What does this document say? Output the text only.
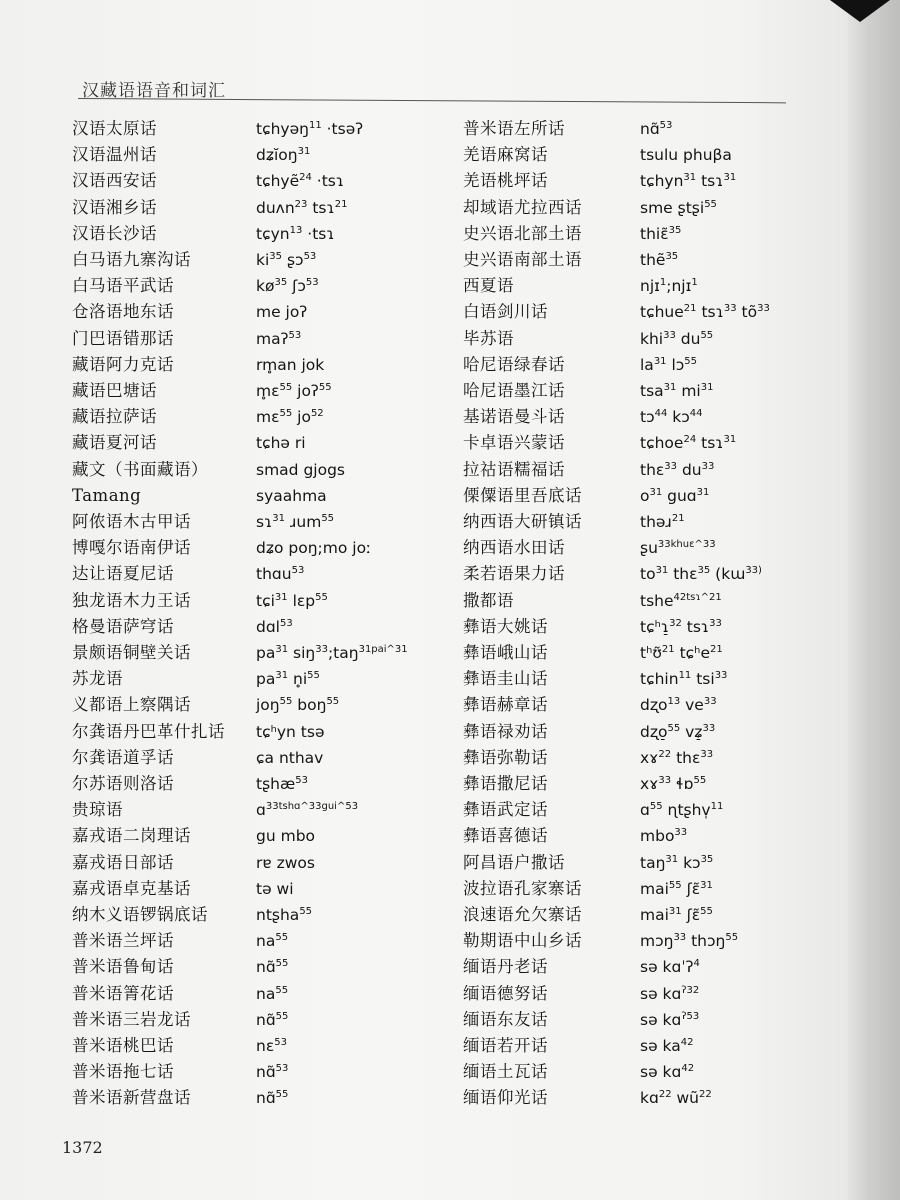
汉藏语语音和词汇
汉语太原话	tɕhyəŋ$^{11}$ ·tsəʔ
汉语温州话	dʑĭoŋ$^{31}$
汉语西安话	tɕhyẽ$^{24}$ ·tsɿ
汉语湘乡话	duʌn$^{23}$ tsɿ$^{21}$
汉语长沙话	tɕyn$^{13}$ ·tsɿ
白马语九寨沟话	$ki^{35}$ ʂɔ$^{53}$
白马语平武话	$kø^{35}$ ʃɔ$^{53}$
仓洛语地东话	me joʔ
门巴语错那话	maʔ$^{53}$
藏语阿力克话	rm̥an jok
藏语巴塘话	m̥ɛ$^{55}$ joʔ$^{55}$
藏语拉萨话	mɛ$^{55}$ $jo^{52}$
藏语夏河话	tɕhə ri
藏文（书面藏语）	smad gjogs
Tamang	syaahma
阿侬语木古甲话	sɿ$^{31}$ ɹum$^{55}$
博嘎尔语南伊话	dʑo poŋ;mo joː
达让语夏尼话	thɑu$^{53}$
独龙语木力王话	tɕi$^{31}$ lɛp$^{55}$
格曼语萨穹话	dɑl$^{53}$
景颇语铜壁关话	$pa^{31}$ siŋ$^{33}$;taŋ$^{31pai\^{}31}$
苏龙语	$pa^{31}$ $n̥i^{55}$
义都语上察隅话	joŋ$^{55}$ boŋ$^{55}$
尔龚语丹巴革什扎话 tɕʰyn tsə
尔龚语道孚话	ɕa nthav
尔苏语则洛话	tʂhæ$^{53}$
贵琼语	ɑ$^{33tshɑ\^{}33gui\^{}53}$
嘉戎语二岗理话	gu mbo
嘉戎语日部话	rɐ zwos
嘉戎语卓克基话	tə wi
纳木义语锣锅底话	ntʂha$^{55}$
普米语兰坪话	$na^{55}$
普米语鲁甸话	nɑ̃$^{55}$
普米语箐花话	$na^{55}$
普米语三岩龙话	nɑ̃$^{55}$
普米语桃巴话	nɛ$^{53}$
普米语拖七话	nɑ̃$^{53}$
普米语新营盘话	nɑ̃$^{55}$
普米语左所话	nɑ̃$^{53}$
羌语麻窝话	tsulu phuβa
羌语桃坪话	tɕhyn$^{31}$ tsɿ$^{31}$
却域语尤拉西话	sme ʂtʂi$^{55}$
史兴语北部土语	thiɛ̃$^{35}$
史兴语南部土语	thẽ$^{35}$
西夏语	njɪ$^1$;njɪ$^1$
白语剑川话	tɕhue$^{21}$ tsɿ$^{33}$ $tõ^{33}$
毕苏语	khi$^{33}$ $du^{55}$
哈尼语绿春话	$la^{31}$ lɔ$^{55}$
哈尼语墨江话	tsa$^{31}$ $mi^{31}$
基诺语曼斗话	tɔ$^{44}$ kɔ$^{44}$
卡卓语兴蒙话	tɕhoe$^{24}$ tsɿ$^{31}$
拉祜语糯福话	thɛ$^{33}$ $du^{33}$
傈僳语里吾底话	$o^{31}$ guɑ$^{31}$
纳西语大研镇话	thəɹ$^{21}$
纳西语水田话	ʂu$^{33khuɛ\^{}33}$
柔若语果力话	$to^{31}$ thɛ$^{35}$ (kɯ$^{33)}$
撒都语	tshe$^{42tsɿ\^{}21}$
彝语大姚话	tɕʰɿ̠$^{32}$ tsɿ$^{33}$
彝语峨山话	tʰʊ̃$^{21}$ tɕʰe$^{21}$
彝语圭山话	tɕhin$^{11}$ tsi$^{33}$
彝语赫章话	dʐo$^{13}$ $ve^{33}$
彝语禄劝话	dʐo̠$^{55}$ vʑ̠$^{33}$
彝语弥勒话	xɤ$^{22}$ thɛ$^{33}$
彝语撒尼话	xɤ$^{33}$ ɬɒ$^{55}$
彝语武定话	ɑ$^{55}$ ɳtʂhv̩$^{11}$
彝语喜德话	mbo$^{33}$
阿昌语户撒话	taŋ$^{31}$ kɔ$^{35}$
波拉语孔家寨话	mai$^{55}$ ʃɛ̃$^{31}$
浪速语允欠寨话	mai$^{31}$ ʃɛ̃$^{55}$
勒期语中山乡话	mɔŋ$^{33}$ thɔŋ$^{55}$
缅语丹老话	sə kɑˈʔ$^4$
缅语德努话	sə kɑ$^{ʔ32}$
缅语东友话	sə kɑ$^{ʔ53}$
缅语若开话	sə $ka^{42}$
缅语土瓦话	sə kɑ$^{42}$
缅语仰光话	kɑ$^{22}$ $wũ^{22}$
1372
